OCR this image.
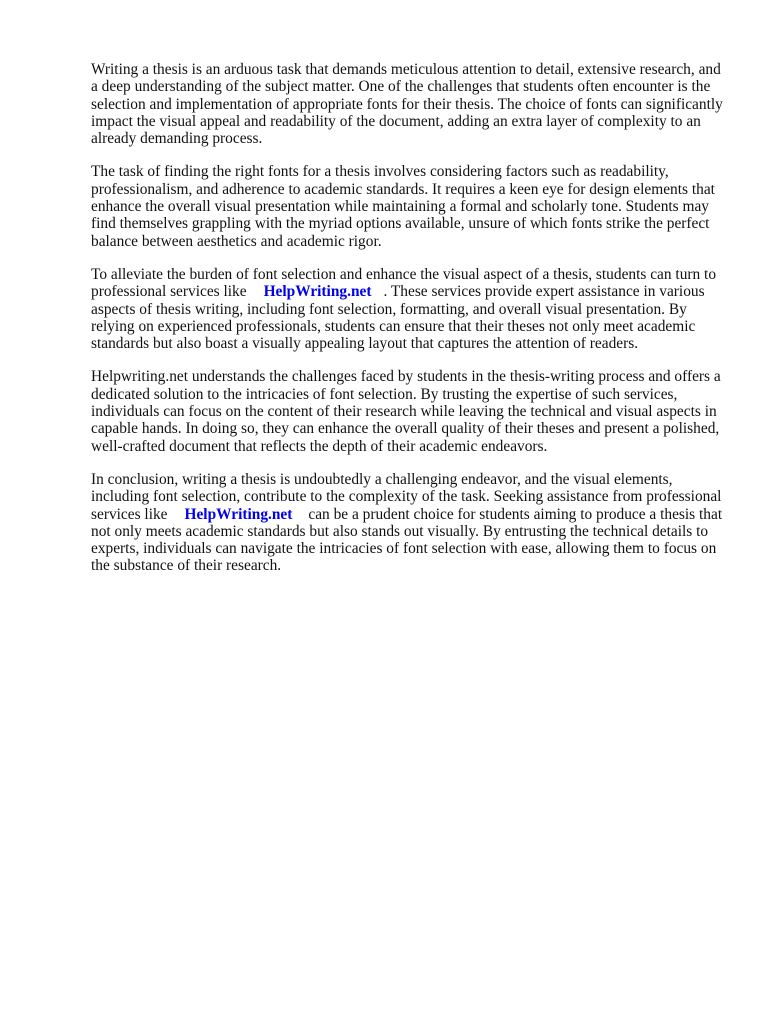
Writing a thesis is an arduous task that demands meticulous attention to detail, extensive research, and a deep understanding of the subject matter. One of the challenges that students often encounter is the selection and implementation of appropriate fonts for their thesis. The choice of fonts can significantly impact the visual appeal and readability of the document, adding an extra layer of complexity to an already demanding process.

The task of finding the right fonts for a thesis involves considering factors such as readability, professionalism, and adherence to academic standards. It requires a keen eye for design elements that enhance the overall visual presentation while maintaining a formal and scholarly tone. Students may find themselves grappling with the myriad options available, unsure of which fonts strike the perfect balance between aesthetics and academic rigor.

To alleviate the burden of font selection and enhance the visual aspect of a thesis, students can turn to professional services like HelpWriting.net . These services provide expert assistance in various aspects of thesis writing, including font selection, formatting, and overall visual presentation. By relying on experienced professionals, students can ensure that their theses not only meet academic standards but also boast a visually appealing layout that captures the attention of readers.

Helpwriting.net understands the challenges faced by students in the thesis-writing process and offers a dedicated solution to the intricacies of font selection. By trusting the expertise of such services, individuals can focus on the content of their research while leaving the technical and visual aspects in capable hands. In doing so, they can enhance the overall quality of their theses and present a polished, well-crafted document that reflects the depth of their academic endeavors.

In conclusion, writing a thesis is undoubtedly a challenging endeavor, and the visual elements, including font selection, contribute to the complexity of the task. Seeking assistance from professional services like HelpWriting.net can be a prudent choice for students aiming to produce a thesis that not only meets academic standards but also stands out visually. By entrusting the technical details to experts, individuals can navigate the intricacies of font selection with ease, allowing them to focus on the substance of their research.
